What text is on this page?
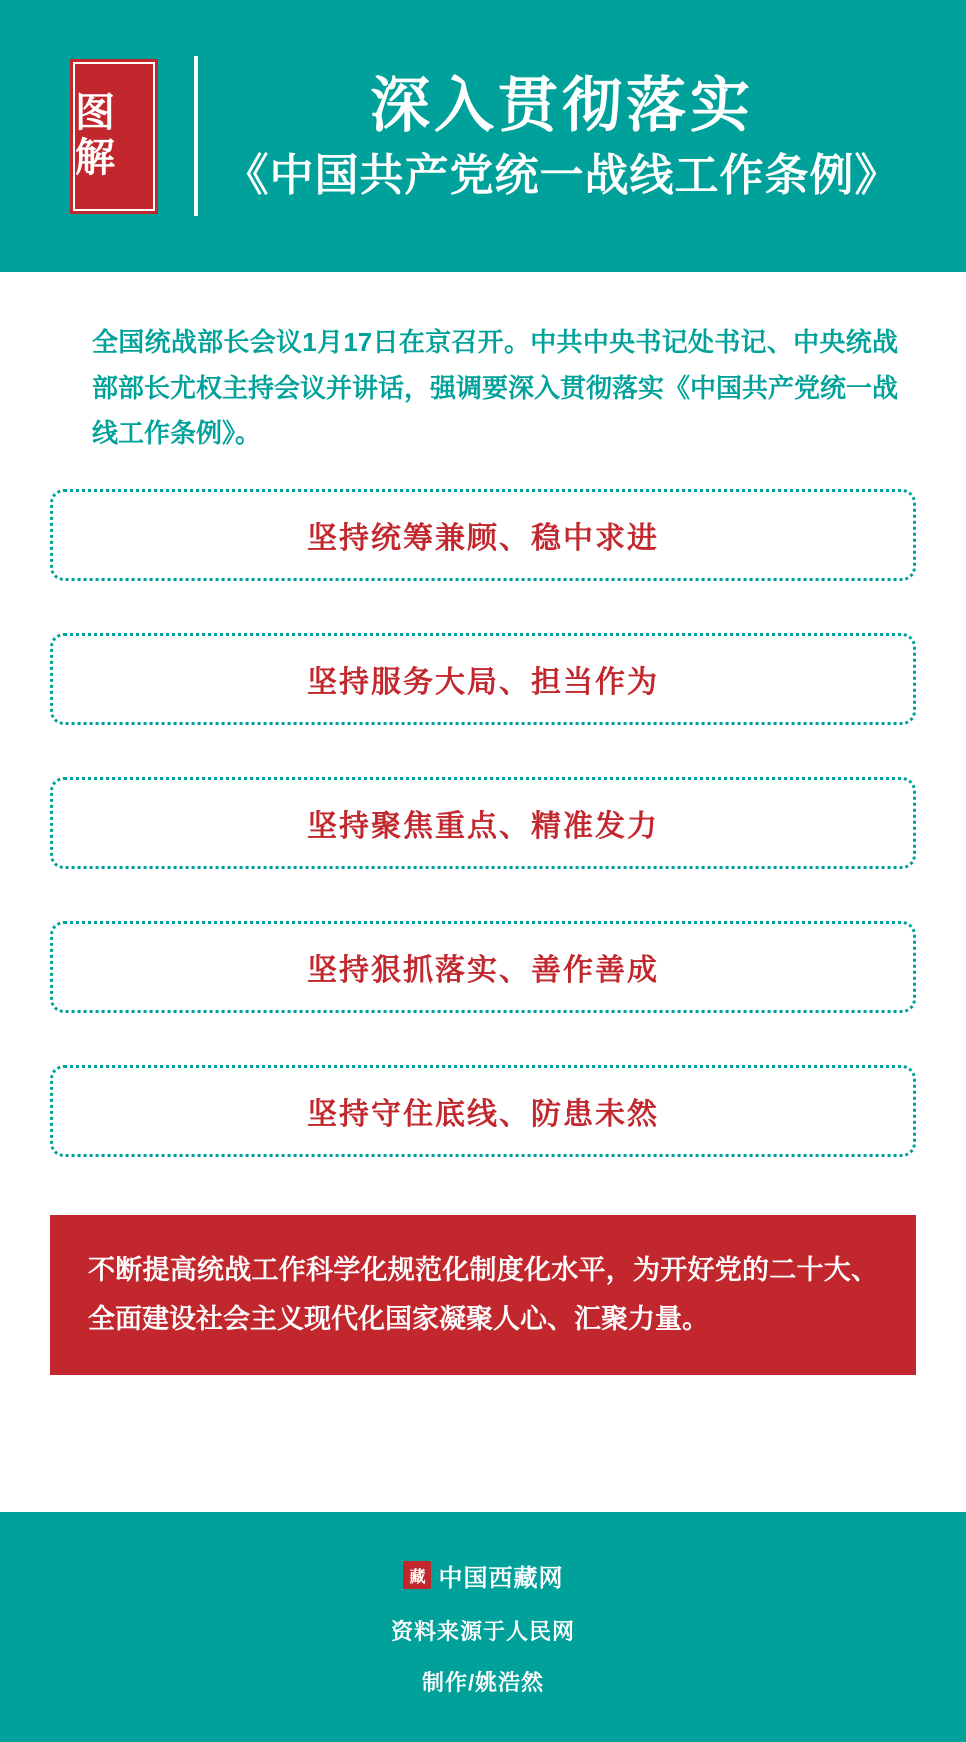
图解
深入贯彻落实
《中国共产党统一战线工作条例》

全国统战部长会议1月17日在京召开。中共中央书记处书记、中央统战部部长尤权主持会议并讲话，强调要深入贯彻落实《中国共产党统一战线工作条例》。

坚持统筹兼顾、稳中求进
坚持服务大局、担当作为
坚持聚焦重点、精准发力
坚持狠抓落实、善作善成
坚持守住底线、防患未然
不断提高统战工作科学化规范化制度化水平，为开好党的二十大、全面建设社会主义现代化国家凝聚人心、汇聚力量。
藏 中国西藏网
资料来源于人民网
制作/姚浩然
